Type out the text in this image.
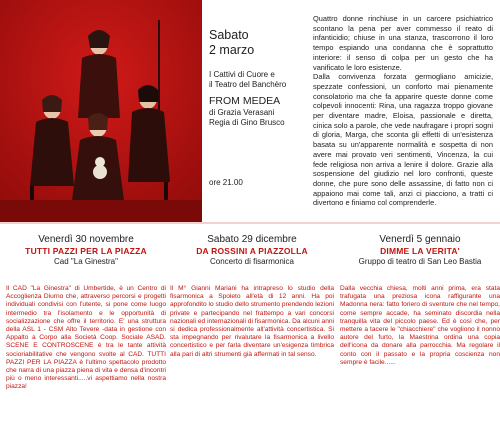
Sabato
2 marzo
I Cattivi di Cuore e
il Teatro del Banchèro
FROM MEDEA
di Grazia Verasani
Regia di Gino Brusco
ore 21.00

Quattro donne rinchiuse in un carcere psichiatrico scontano la pena per aver commesso il reato di infanticidio; chiuse in una stanza, trascorrono il loro tempo espiando una condanna che è soprattutto interiore: il senso di colpa per un gesto che ha vanificato le loro esistenze.

Dalla convivenza forzata germogliano amicizie, spezzate confessioni, un conforto mai pienamente consolatorio ma che fa apparire queste donne come colpevoli innocenti: Rina, una ragazza troppo giovane per diventare madre, Eloisa, passionale e diretta, cinica solo a parole, che vede naufragare i propri sogni di gloria, Marga, che sconta gli effetti di un'esistenza basata su un'apparente normalità e sospetta di non avere mai provato veri sentimenti, Vincenza, la cui fede religiosa non arriva a lenire il dolore. Grazie alla sospensione del giudizio nel loro confronti, queste donne, che pure sono delle assassine, di fatto non ci appaiono mai come tali, anzi ci piacciono, a tratti ci divertono e finiamo col comprenderle.

Venerdì 30 novembre
TUTTI PAZZI PER LA PIAZZA
Cad "La Ginestra"

Il CAD "La Ginestra" di Umbertide, è un Centro di Accoglienza Diurno che, attraverso percorsi e progetti individuali condivisi con l'utente, si pone come luogo intermedio tra l'isolamento e le opportunità di socializzazione che offre il territorio. E' una struttura della ASL 1 - CSM Alto Tevere -data in gestione con Appalto a Corpo alla Società Coop. Sociale ASAD. SCENE E CONTROSCENE è tra le tante attività socioriabilitative che vengono svolte al CAD. TUTTI PAZZI PER LA PIAZZA è l'ultimo spettacolo prodotto che narra di una piazza piena di vita e densa d'incontri più o meno interessanti.....vi aspettiamo nella nostra piazza!

Sabato 29 dicembre
DA ROSSINI A PIAZZOLLA
Concerto di fisarmonica

Il M° Gianni Mariani ha intrapreso lo studio della fisarmonica a Spoleto all'età di 12 anni. Ha poi approfondito lo studio dello strumento prendendo lezioni private e partecipando nel frattempo a vari concorsi nazionali ed internazionali di fisarmonica. Da alcuni anni si dedica professionalmente all'attività concertistica. Si sta impegnando per rivalutare la fisarmonica a livello concertistico e per farla diventare un'esigenza timbrica alla pari di altri strumenti già affermati in tal senso.

Venerdì 5 gennaio
DIMME LA VERITA'
Gruppo di teatro di San Leo Bastia

Dalla vecchia chiesa, molti anni prima, era stata trafugata una preziosa icona raffigurante una Madonna nera: fatto foriero di sventure che nel tempo, come sempre accade, ha seminato discordia nella tranquilla vita del piccolo paese. Ed è così che, per mettere a tacere le "chiacchiere" che vogliono il nonno autore del furto, la Maestrina ordina una copia dell'icona da donare alla parrocchia. Ma regolare il conto con il passato e la propria coscienza non sempre è facile......
